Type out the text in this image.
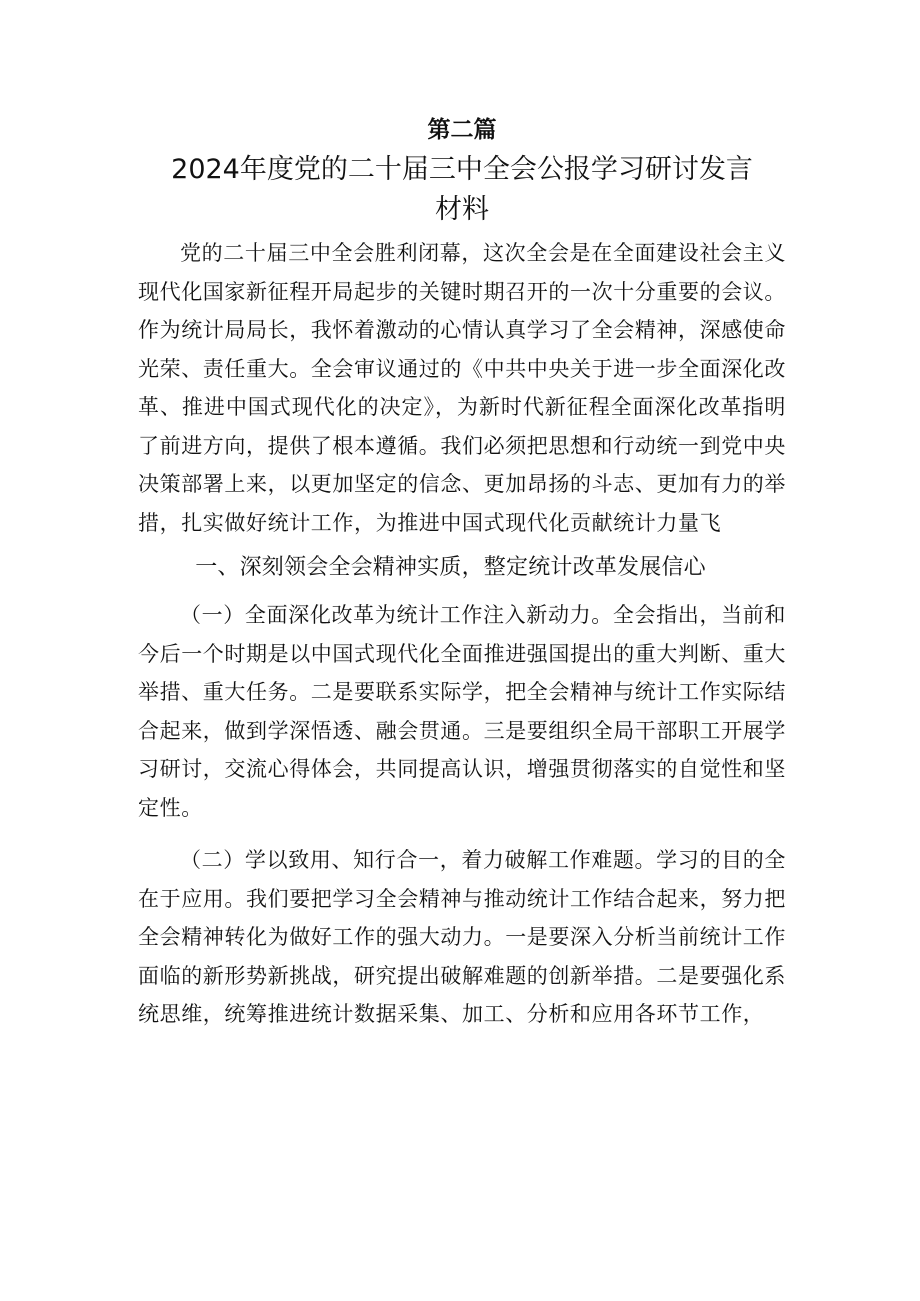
第二篇

2024年度党的二十届三中全会公报学习研讨发言材料

党的二十届三中全会胜利闭幕，这次全会是在全面建设社会主义现代化国家新征程开局起步的关键时期召开的一次十分重要的会议。作为统计局局长，我怀着激动的心情认真学习了全会精神，深感使命光荣、责任重大。全会审议通过的《中共中央关于进一步全面深化改革、推进中国式现代化的决定》，为新时代新征程全面深化改革指明了前进方向，提供了根本遵循。我们必须把思想和行动统一到党中央决策部署上来，以更加坚定的信念、更加昂扬的斗志、更加有力的举措，扎实做好统计工作，为推进中国式现代化贡献统计力量飞

一、深刻领会全会精神实质，整定统计改革发展信心

（一）全面深化改革为统计工作注入新动力。全会指出，当前和今后一个时期是以中国式现代化全面推进强国提出的重大判断、重大举措、重大任务。二是要联系实际学，把全会精神与统计工作实际结合起来，做到学深悟透、融会贯通。三是要组织全局干部职工开展学习研讨，交流心得体会，共同提高认识，增强贯彻落实的自觉性和坚定性。

（二）学以致用、知行合一，着力破解工作难题。学习的目的全在于应用。我们要把学习全会精神与推动统计工作结合起来，努力把全会精神转化为做好工作的强大动力。一是要深入分析当前统计工作面临的新形势新挑战，研究提出破解难题的创新举措。二是要强化系统思维，统筹推进统计数据采集、加工、分析和应用各环节工作，
